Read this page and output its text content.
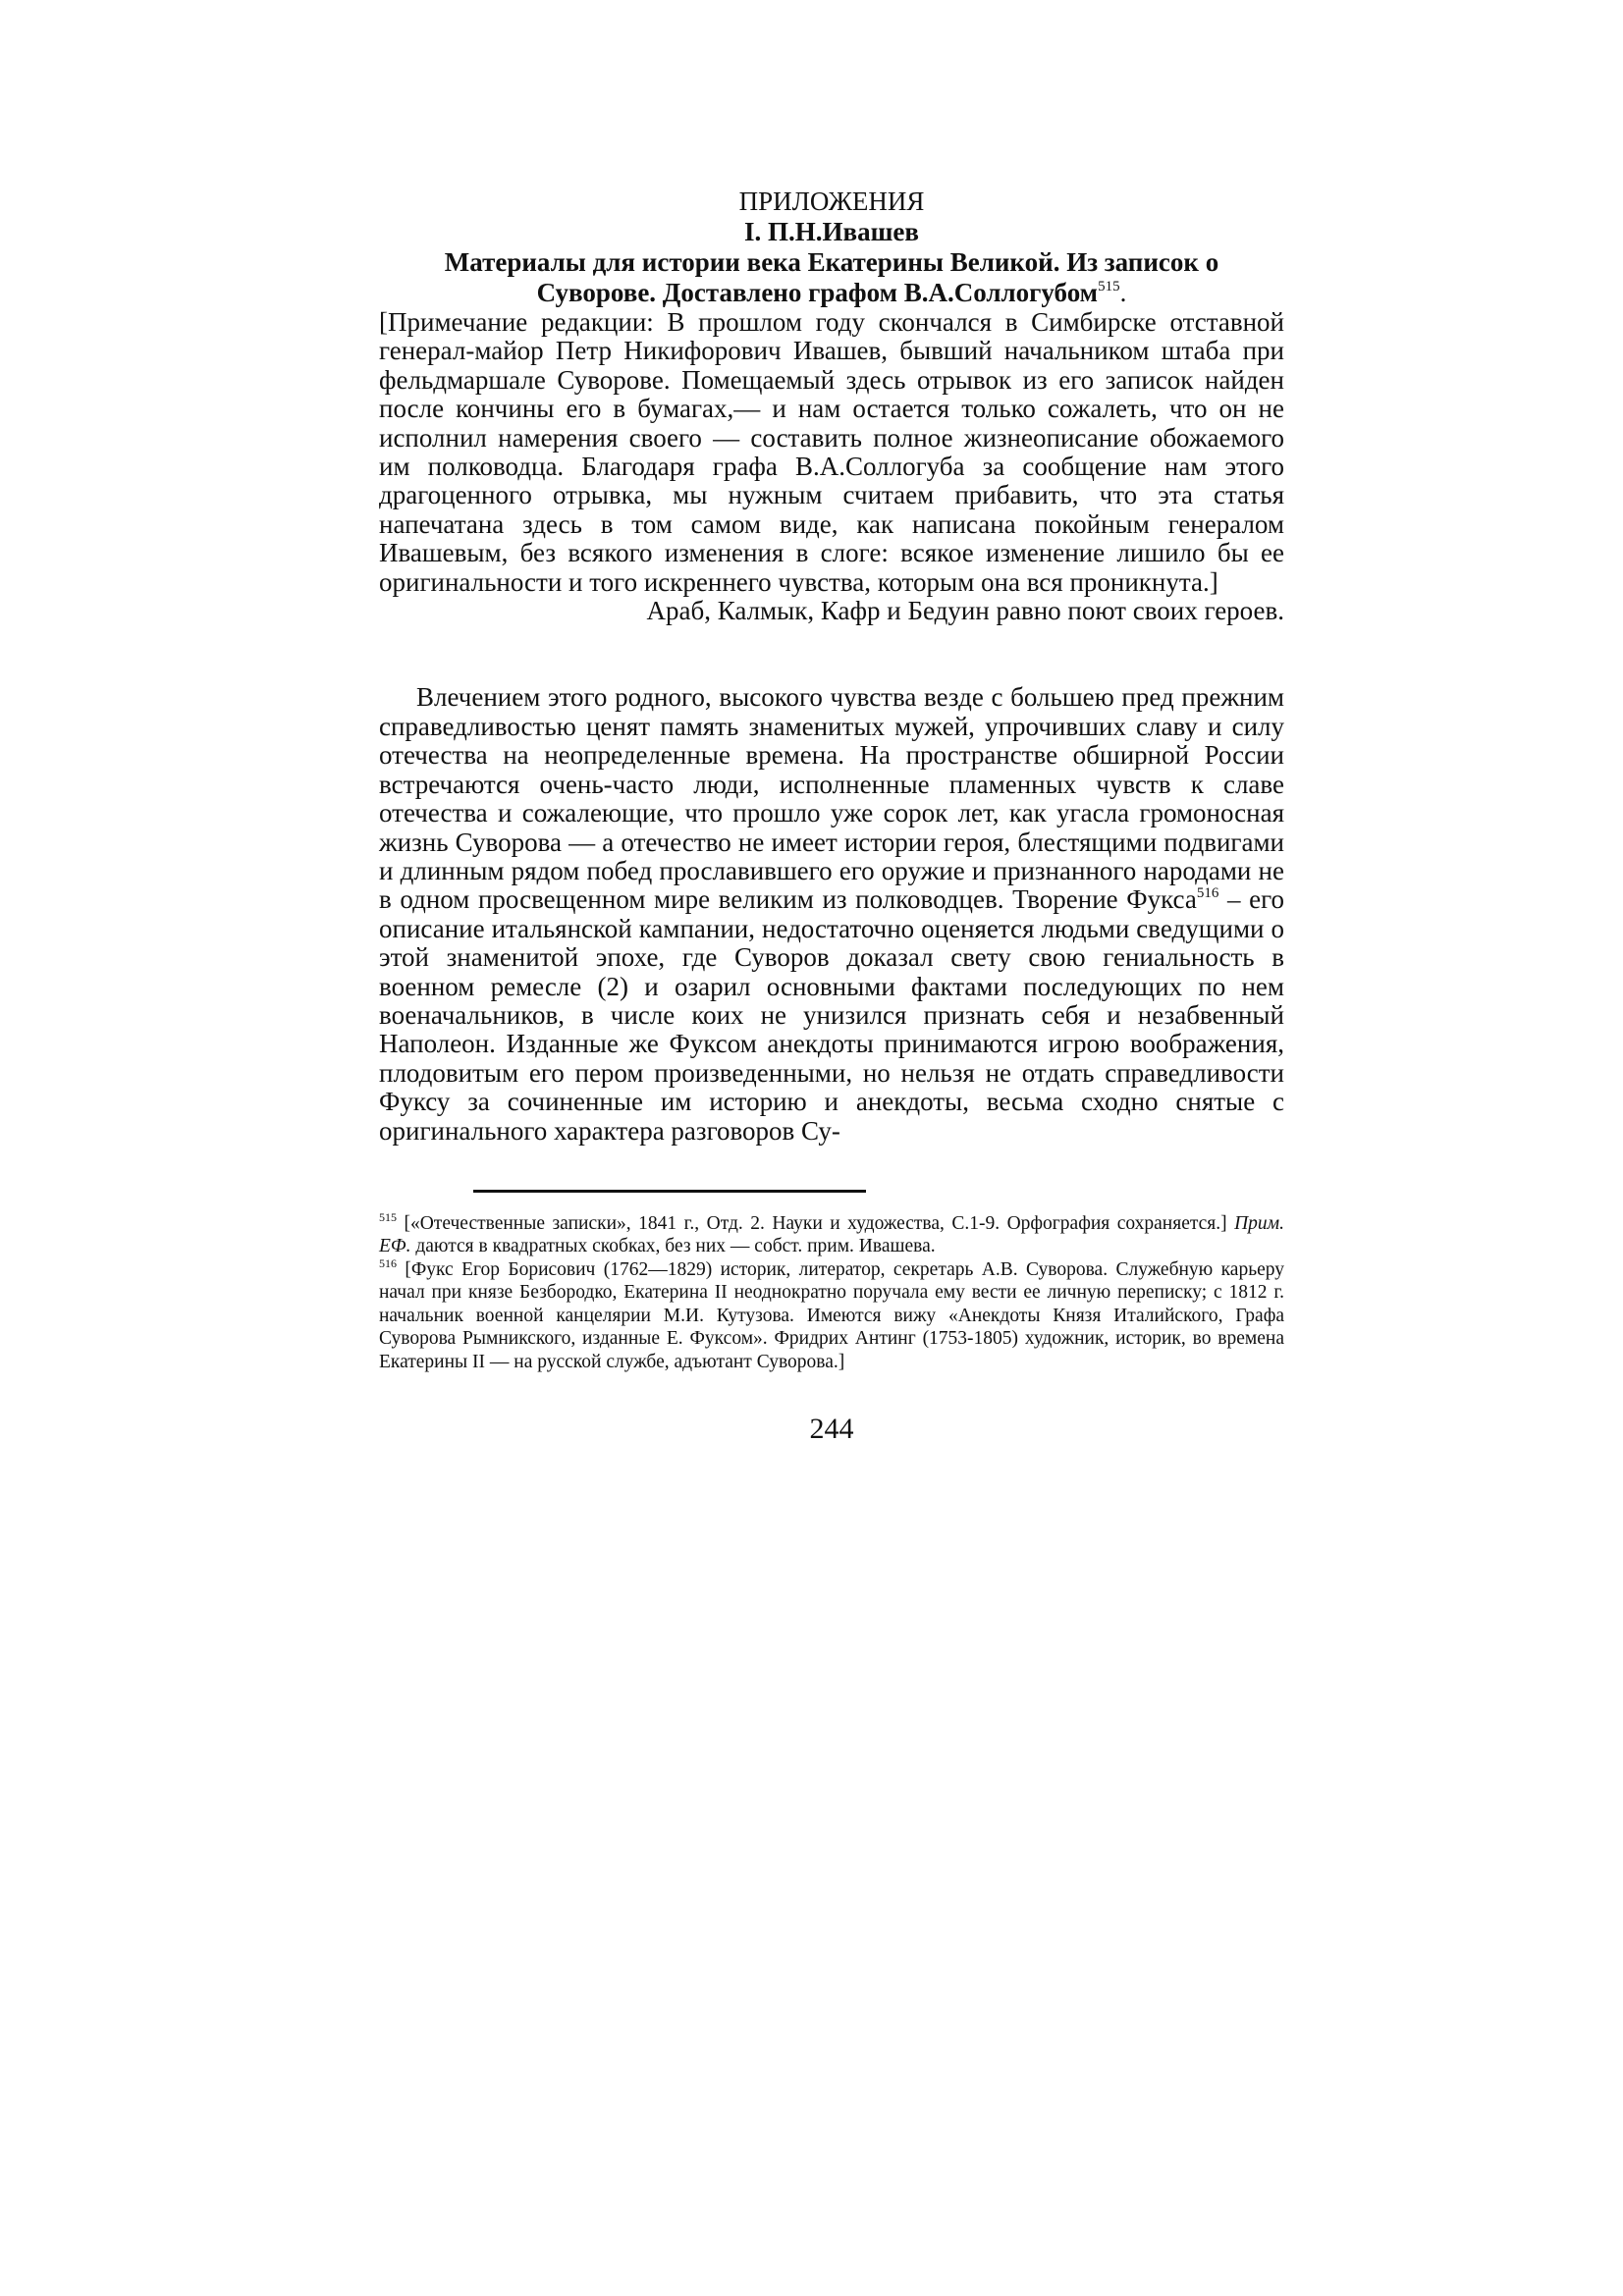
ПРИЛОЖЕНИЯ
I. П.Н.Ивашев
Материалы для истории века Екатерины Великой. Из записок о
Суворове. Доставлено графом В.А.Соллогубом$^{515}$.

[Примечание редакции: В прошлом году скончался в Симбирске отставной генерал-майор Петр Никифорович Ивашев, бывший начальником штаба при фельдмаршале Суворове. Помещаемый здесь отрывок из его записок найден после кончины его в бумагах,— и нам остается только сожалеть, что он не исполнил намерения своего — составить полное жизнеописание обожаемого им полководца. Благодаря графа В.А.Соллогуба за сообщение нам этого драгоценного отрывка, мы нужным считаем прибавить, что эта статья напечатана здесь в том самом виде, как написана покойным генералом Ивашевым, без всякого изменения в слоге: всякое изменение лишило бы ее оригинальности и того искреннего чувства, которым она вся проникнута.]

Араб, Калмык, Кафр и Бедуин равно поют своих героев.

Влечением этого родного, высокого чувства везде с большею пред прежним справедливостью ценят память знаменитых мужей, упрочивших славу и силу отечества на неопределенные времена. На пространстве обширной России встречаются очень-часто люди, исполненные пламенных чувств к славе отечества и сожалеющие, что прошло уже сорок лет, как угасла громоносная жизнь Суворова — а отечество не имеет истории героя, блестящими подвигами и длинным рядом побед прославившего его оружие и признанного народами не в одном просвещенном мире великим из полководцев. Творение Фукса$^{516}$ – его описание итальянской кампании, недостаточно оценяется людьми сведущими о этой знаменитой эпохе, где Суворов доказал свету свою гениальность в военном ремесле (2) и озарил основными фактами последующих по нем военачальников, в числе коих не унизился признать себя и незабвенный Наполеон. Изданные же Фуксом анекдоты принимаются игрою воображения, плодовитым его пером произведенными, но нельзя не отдать справедливости Фуксу за сочиненные им историю и анекдоты, весьма сходно снятые с оригинального характера разговоров Су-

$^{515}$ [«Отечественные записки», 1841 г., Отд. 2. Науки и художества, С.1-9. Орфография сохраняется.] Прим. ЕФ. даются в квадратных скобках, без них — собст. прим. Ивашева.

$^{516}$ [Фукс Егор Борисович (1762—1829) историк, литератор, секретарь А.В. Суворова. Служебную карьеру начал при князе Безбородко, Екатерина II неоднократно поручала ему вести ее личную переписку; с 1812 г. начальник военной канцелярии М.И. Кутузова. Имеются вижу «Анекдоты Князя Италийского, Графа Суворова Рымникского, изданные Е. Фуксом». Фридрих Антинг (1753-1805) художник, историк, во времена Екатерины II — на русской службе, адъютант Суворова.]

244
